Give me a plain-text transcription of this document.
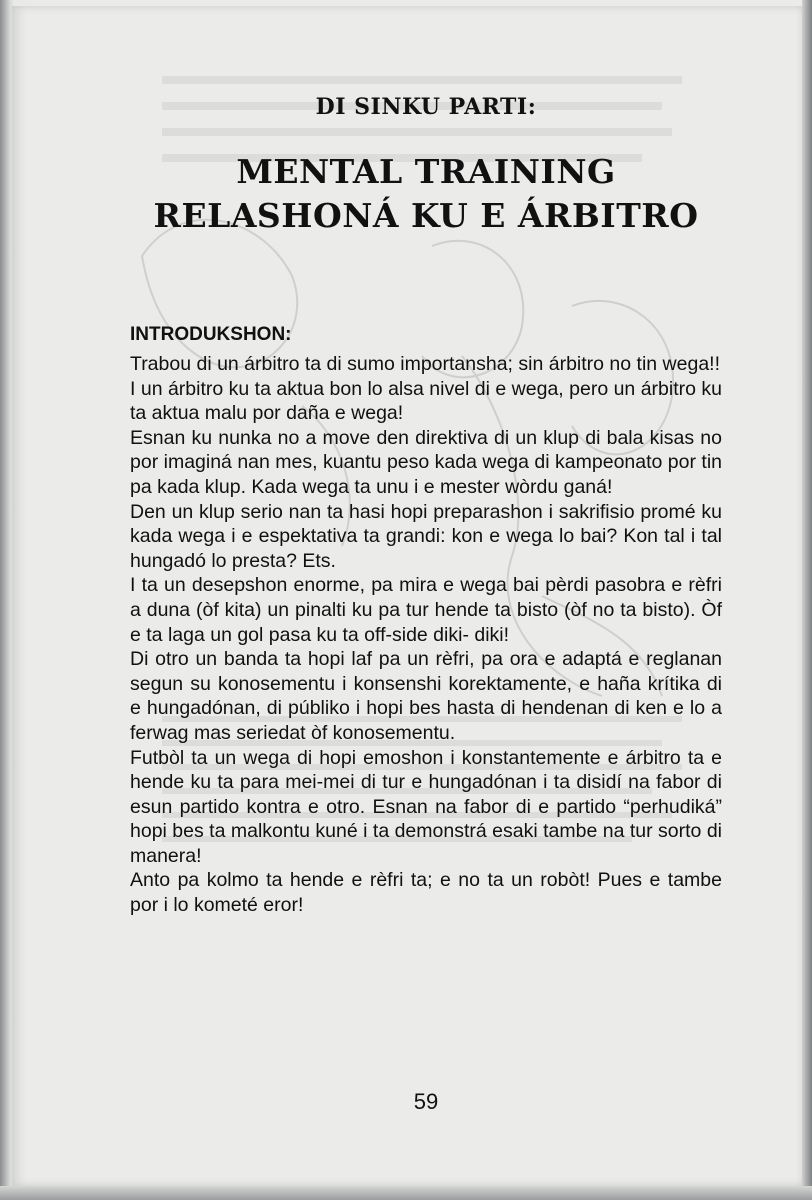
DI SINKU PARTI:
MENTAL TRAINING
RELASHONÁ KU E ÁRBITRO
INTRODUKSHON:

Trabou di un árbitro ta di sumo importansha; sin árbitro no tin wega!!

I un árbitro ku ta aktua bon lo alsa nivel di e wega, pero un árbitro ku ta aktua malu por daña e wega!

Esnan ku nunka no a move den direktiva di un klup di bala kisas no por imaginá nan mes, kuantu peso kada wega di kampeonato por tin pa kada klup. Kada wega ta unu i e mester wòrdu ganá!

Den un klup serio nan ta hasi hopi preparashon i sakrifisio promé ku kada wega i e espektativa ta grandi: kon e wega lo bai? Kon tal i tal hungadó lo presta? Ets.

I ta un desepshon enorme, pa mira e wega bai pèrdi pasobra e rèfri a duna (òf kita) un pinalti ku pa tur hende ta bisto (òf no ta bisto). Òf e ta laga un gol pasa ku ta off-side diki- diki!

Di otro un banda ta hopi laf pa un rèfri, pa ora e adaptá e reglanan segun su konosementu i konsenshi korektamente, e haña krítika di e hungadónan, di públiko i hopi bes hasta di hendenan di ken e lo a ferwag mas seriedat òf konosementu.

Futbòl ta un wega di hopi emoshon i konstantemente e árbitro ta e hende ku ta para mei-mei di tur e hungadónan i ta disidí na fabor di esun partido kontra e otro. Esnan na fabor di e partido “perhudiká” hopi bes ta malkontu kuné i ta demonstrá esaki tambe na tur sorto di manera!

Anto pa kolmo ta hende e rèfri ta; e no ta un robòt! Pues e tambe por i lo kometé eror!

59
